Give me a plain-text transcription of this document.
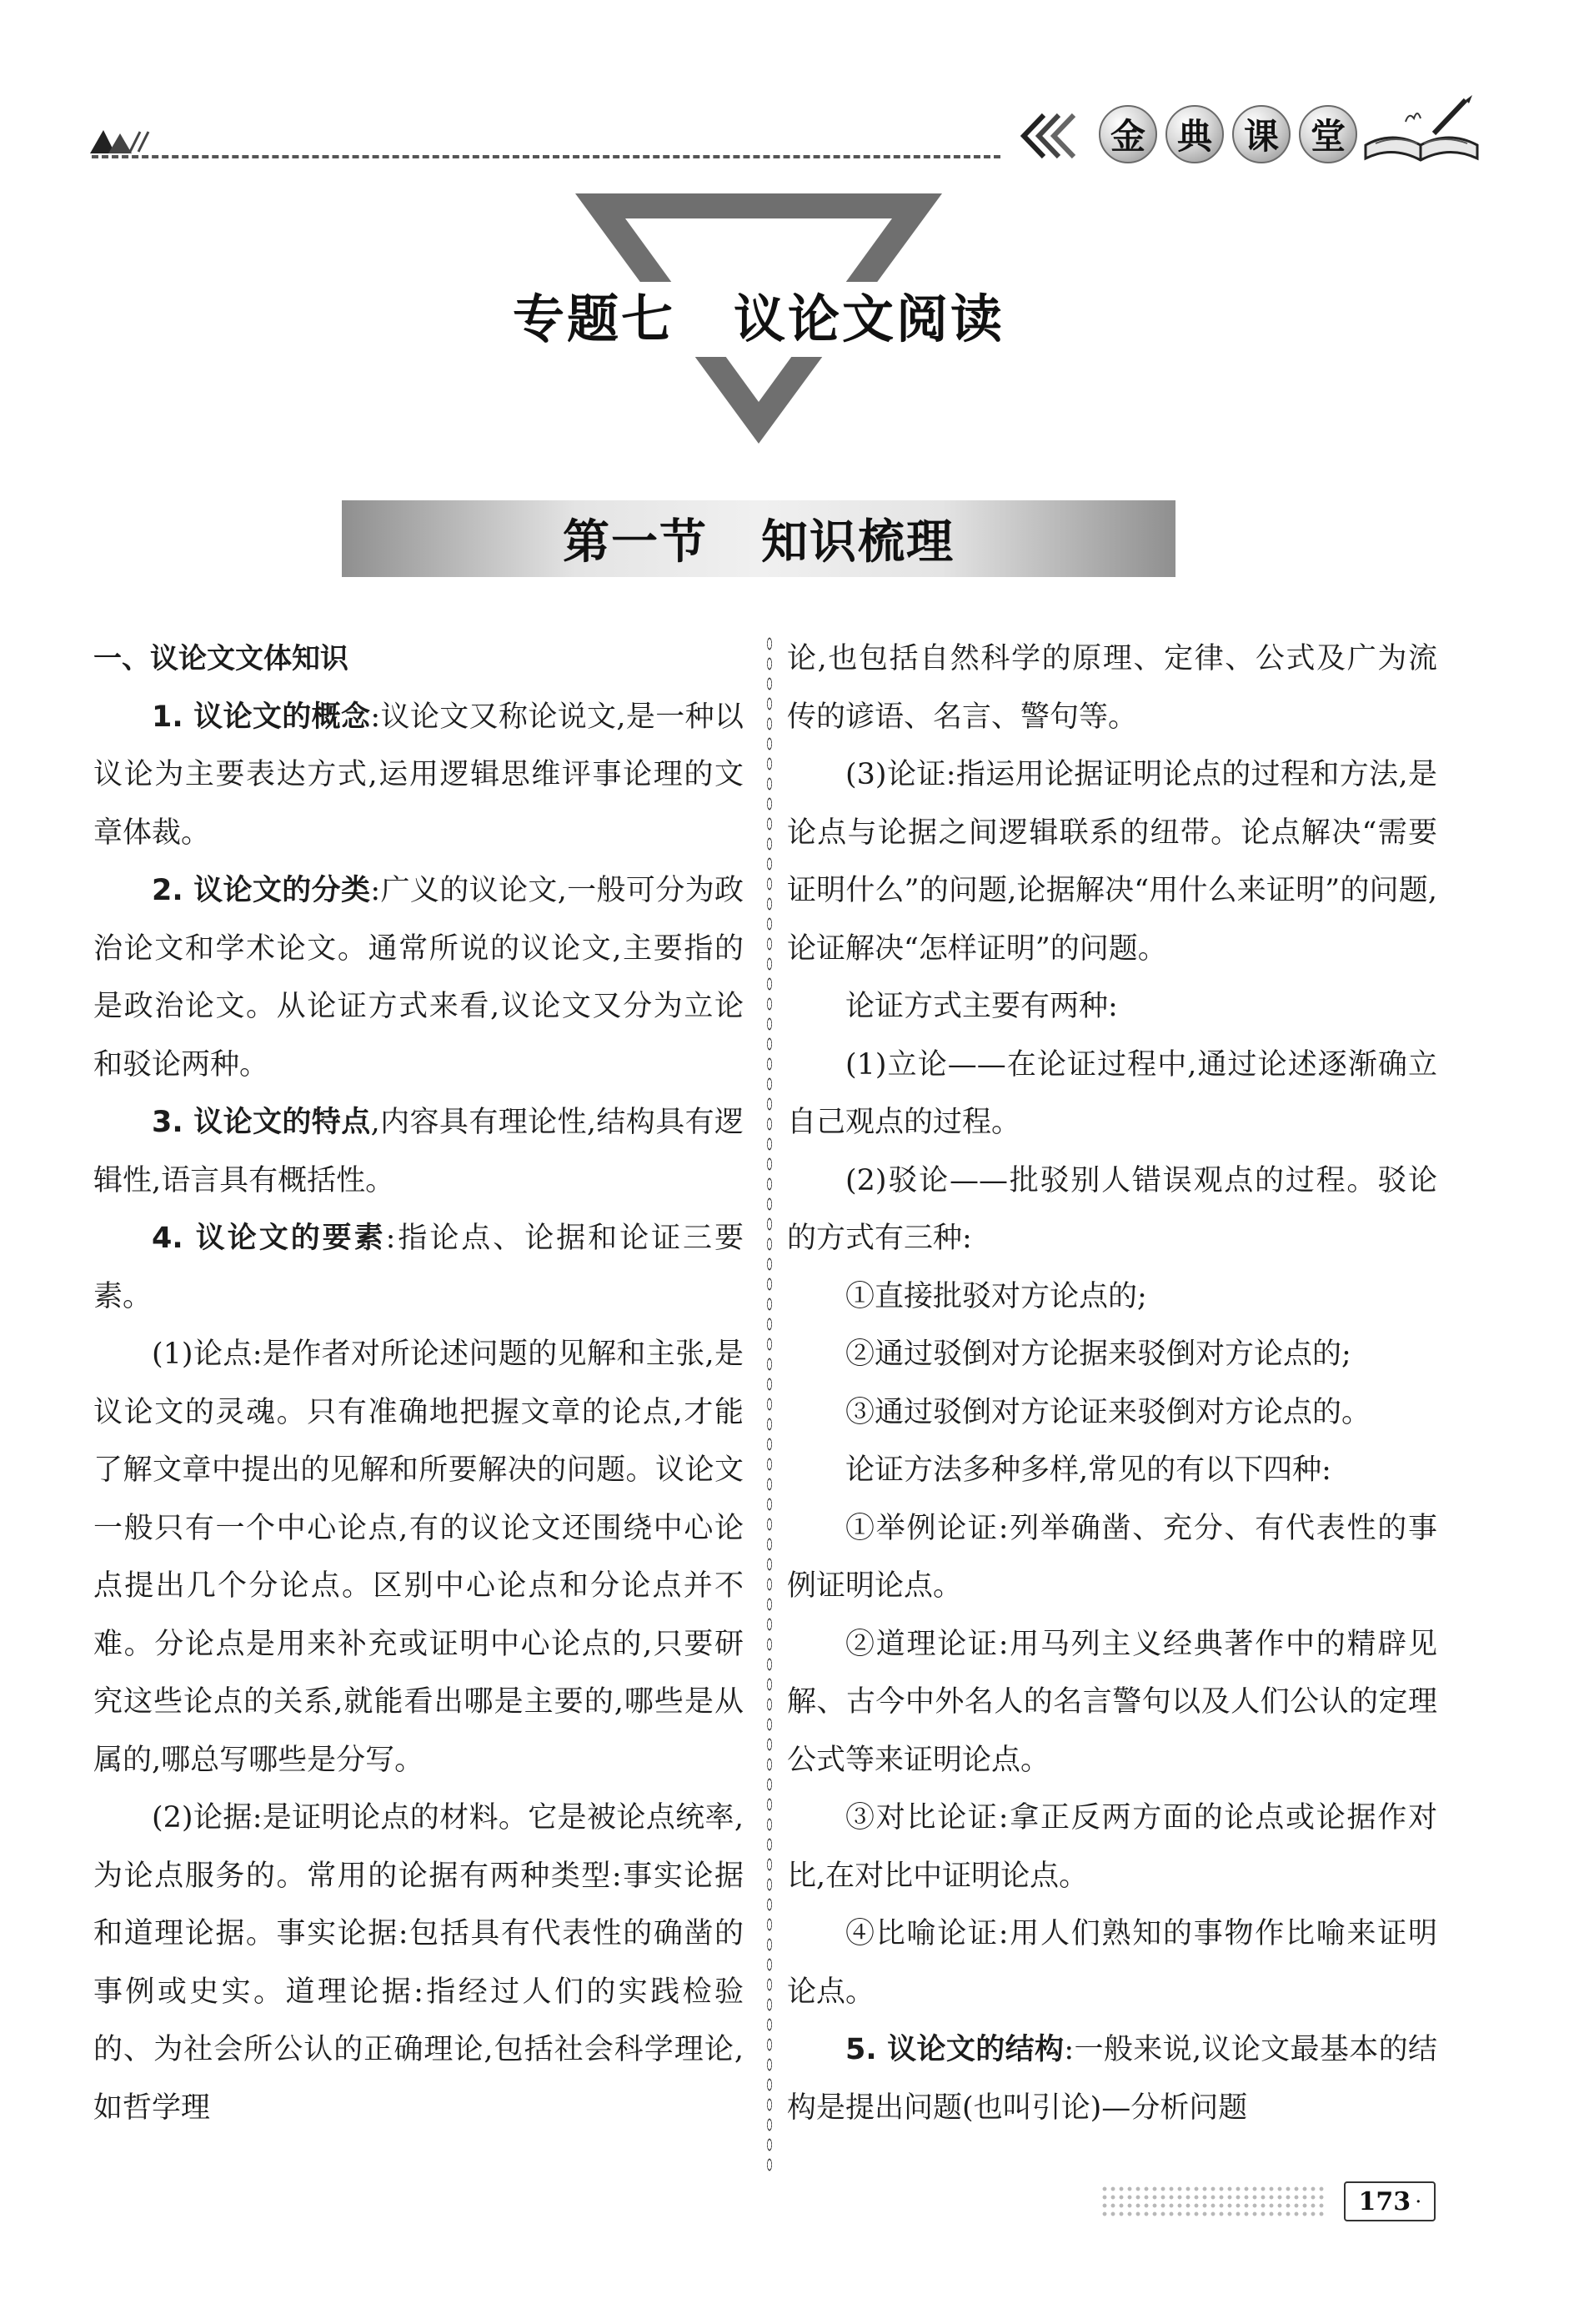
金 典 课 堂
专题七 议论文阅读
第一节 知识梳理

一、议论文文体知识

1. 议论文的概念:议论文又称论说文,是一种以议论为主要表达方式,运用逻辑思维评事论理的文章体裁。

2. 议论文的分类:广义的议论文,一般可分为政治论文和学术论文。通常所说的议论文,主要指的是政治论文。从论证方式来看,议论文又分为立论和驳论两种。

3. 议论文的特点,内容具有理论性,结构具有逻辑性,语言具有概括性。

4. 议论文的要素:指论点、论据和论证三要素。

(1)论点:是作者对所论述问题的见解和主张,是议论文的灵魂。只有准确地把握文章的论点,才能了解文章中提出的见解和所要解决的问题。议论文一般只有一个中心论点,有的议论文还围绕中心论点提出几个分论点。区别中心论点和分论点并不难。分论点是用来补充或证明中心论点的,只要研究这些论点的关系,就能看出哪是主要的,哪些是从属的,哪总写哪些是分写。

(2)论据:是证明论点的材料。它是被论点统率,为论点服务的。常用的论据有两种类型:事实论据和道理论据。事实论据:包括具有代表性的确凿的事例或史实。道理论据:指经过人们的实践检验的、为社会所公认的正确理论,包括社会科学理论,如哲学理

论,也包括自然科学的原理、定律、公式及广为流传的谚语、名言、警句等。

(3)论证:指运用论据证明论点的过程和方法,是论点与论据之间逻辑联系的纽带。论点解决“需要证明什么”的问题,论据解决“用什么来证明”的问题,论证解决“怎样证明”的问题。

论证方式主要有两种:

(1)立论——在论证过程中,通过论述逐渐确立自己观点的过程。

(2)驳论——批驳别人错误观点的过程。驳论的方式有三种:

①直接批驳对方论点的;

②通过驳倒对方论据来驳倒对方论点的;

③通过驳倒对方论证来驳倒对方论点的。

论证方法多种多样,常见的有以下四种:

①举例论证:列举确凿、充分、有代表性的事例证明论点。

②道理论证:用马列主义经典著作中的精辟见解、古今中外名人的名言警句以及人们公认的定理公式等来证明论点。

③对比论证:拿正反两方面的论点或论据作对比,在对比中证明论点。

④比喻论证:用人们熟知的事物作比喻来证明论点。

5. 议论文的结构:一般来说,议论文最基本的结构是提出问题(也叫引论)—分析问题

173 ·
